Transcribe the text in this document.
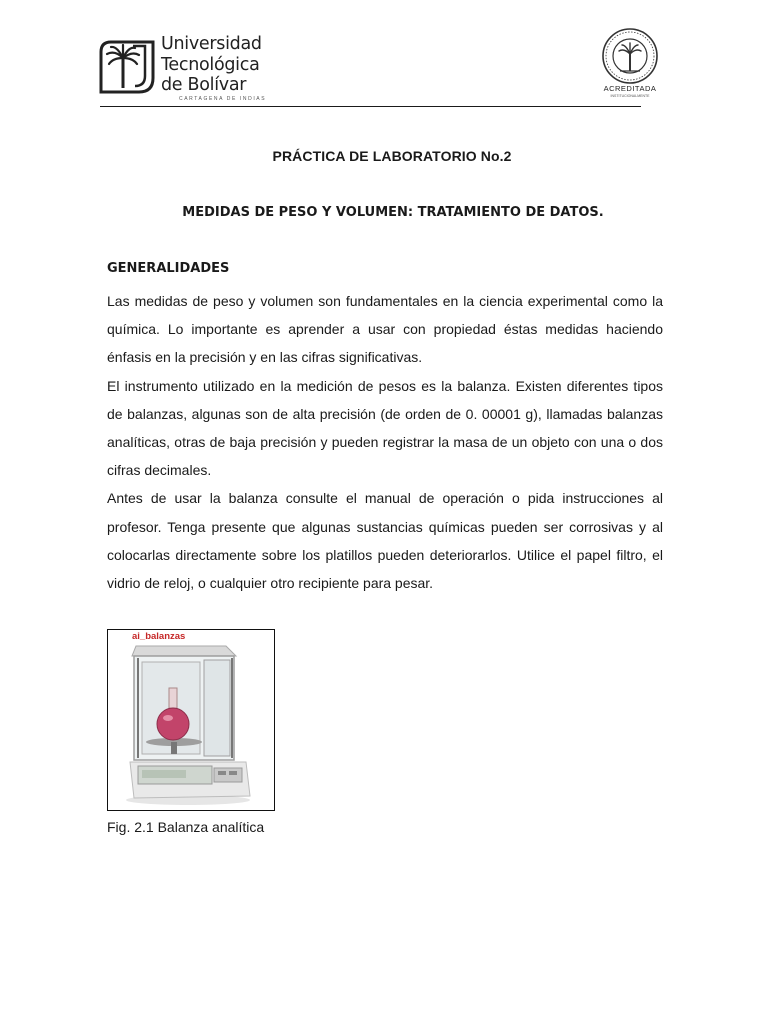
Universidad
Tecnológica
de Bolívar
CARTAGENA DE INDIAS
ACREDITADA
INSTITUCIONALMENTE
PRÁCTICA DE LABORATORIO No.2
MEDIDAS DE PESO Y VOLUMEN: TRATAMIENTO DE DATOS.
GENERALIDADES

Las medidas de peso y volumen son fundamentales en la ciencia experimental como la química. Lo importante es aprender a usar con propiedad éstas medidas haciendo énfasis en la precisión y en las cifras significativas.

El instrumento utilizado en la medición de pesos es la balanza. Existen diferentes tipos de balanzas, algunas son de alta precisión (de orden de 0. 00001 g), llamadas balanzas analíticas, otras de baja precisión y pueden registrar la masa de un objeto con una o dos cifras decimales.

Antes de usar la balanza consulte el manual de operación o pida instrucciones al profesor. Tenga presente que algunas sustancias químicas pueden ser corrosivas y al colocarlas directamente sobre los platillos pueden deteriorarlos. Utilice el papel filtro, el vidrio de reloj, o cualquier otro recipiente para pesar.

ai_balanzas
Fig. 2.1 Balanza analítica
